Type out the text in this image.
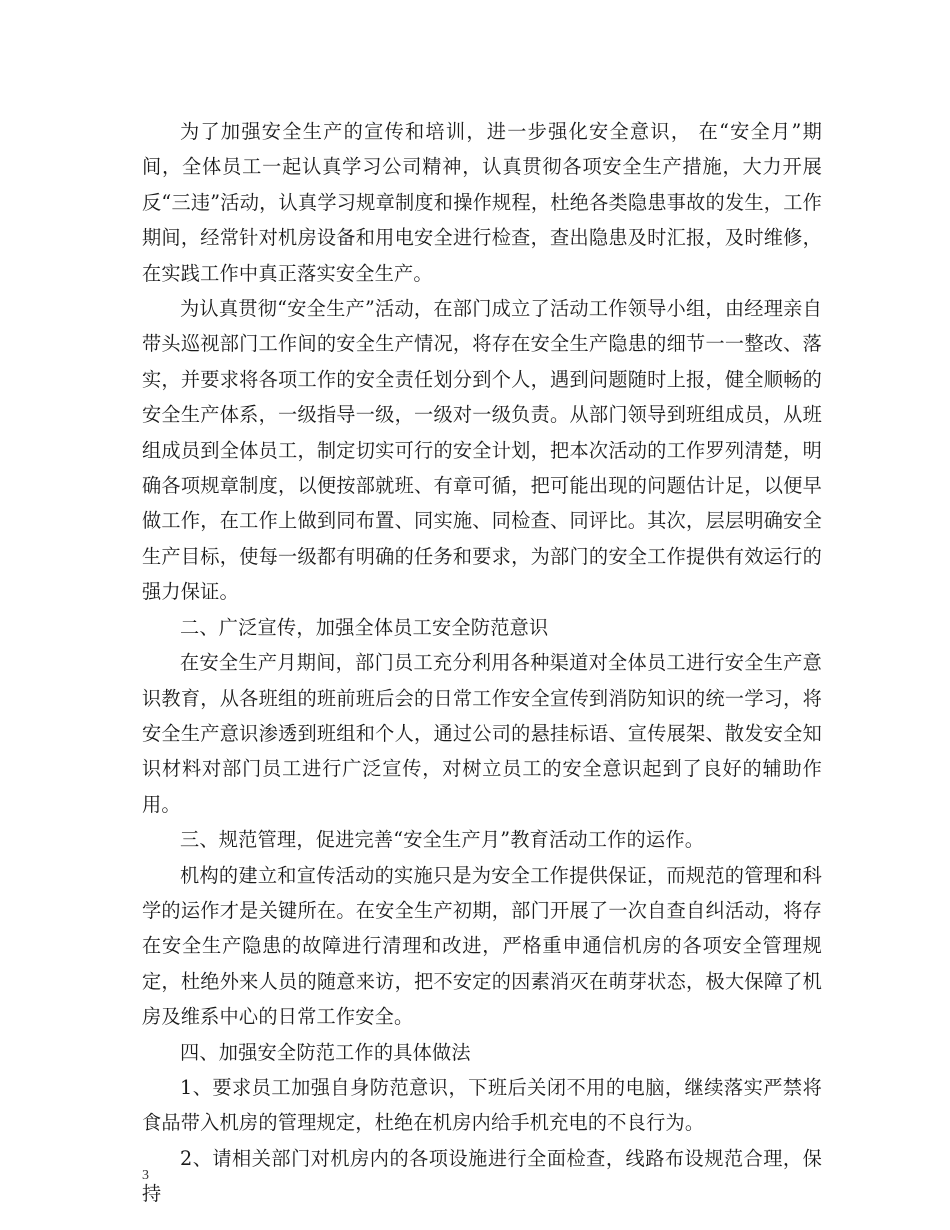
为了加强安全生产的宣传和培训，进一步强化安全意识， 在“安全月”期间，全体员工一起认真学习公司精神，认真贯彻各项安全生产措施，大力开展反“三违”活动，认真学习规章制度和操作规程，杜绝各类隐患事故的发生，工作期间，经常针对机房设备和用电安全进行检查，查出隐患及时汇报，及时维修，在实践工作中真正落实安全生产。

为认真贯彻“安全生产”活动，在部门成立了活动工作领导小组，由经理亲自带头巡视部门工作间的安全生产情况，将存在安全生产隐患的细节一一整改、落实，并要求将各项工作的安全责任划分到个人，遇到问题随时上报，健全顺畅的安全生产体系，一级指导一级，一级对一级负责。从部门领导到班组成员，从班组成员到全体员工，制定切实可行的安全计划，把本次活动的工作罗列清楚，明确各项规章制度，以便按部就班、有章可循，把可能出现的问题估计足，以便早做工作，在工作上做到同布置、同实施、同检查、同评比。其次，层层明确安全生产目标，使每一级都有明确的任务和要求，为部门的安全工作提供有效运行的强力保证。

二、广泛宣传，加强全体员工安全防范意识

在安全生产月期间，部门员工充分利用各种渠道对全体员工进行安全生产意识教育，从各班组的班前班后会的日常工作安全宣传到消防知识的统一学习，将安全生产意识渗透到班组和个人，通过公司的悬挂标语、宣传展架、散发安全知识材料对部门员工进行广泛宣传，对树立员工的安全意识起到了良好的辅助作用。

三、规范管理，促进完善“安全生产月”教育活动工作的运作。

机构的建立和宣传活动的实施只是为安全工作提供保证，而规范的管理和科学的运作才是关键所在。在安全生产初期，部门开展了一次自查自纠活动，将存在安全生产隐患的故障进行清理和改进，严格重申通信机房的各项安全管理规定，杜绝外来人员的随意来访，把不安定的因素消灭在萌芽状态，极大保障了机房及维系中心的日常工作安全。

四、加强安全防范工作的具体做法

1、要求员工加强自身防范意识，下班后关闭不用的电脑，继续落实严禁将食品带入机房的管理规定，杜绝在机房内给手机充电的不良行为。

2、请相关部门对机房内的各项设施进行全面检查，线路布设规范合理，保持

3
